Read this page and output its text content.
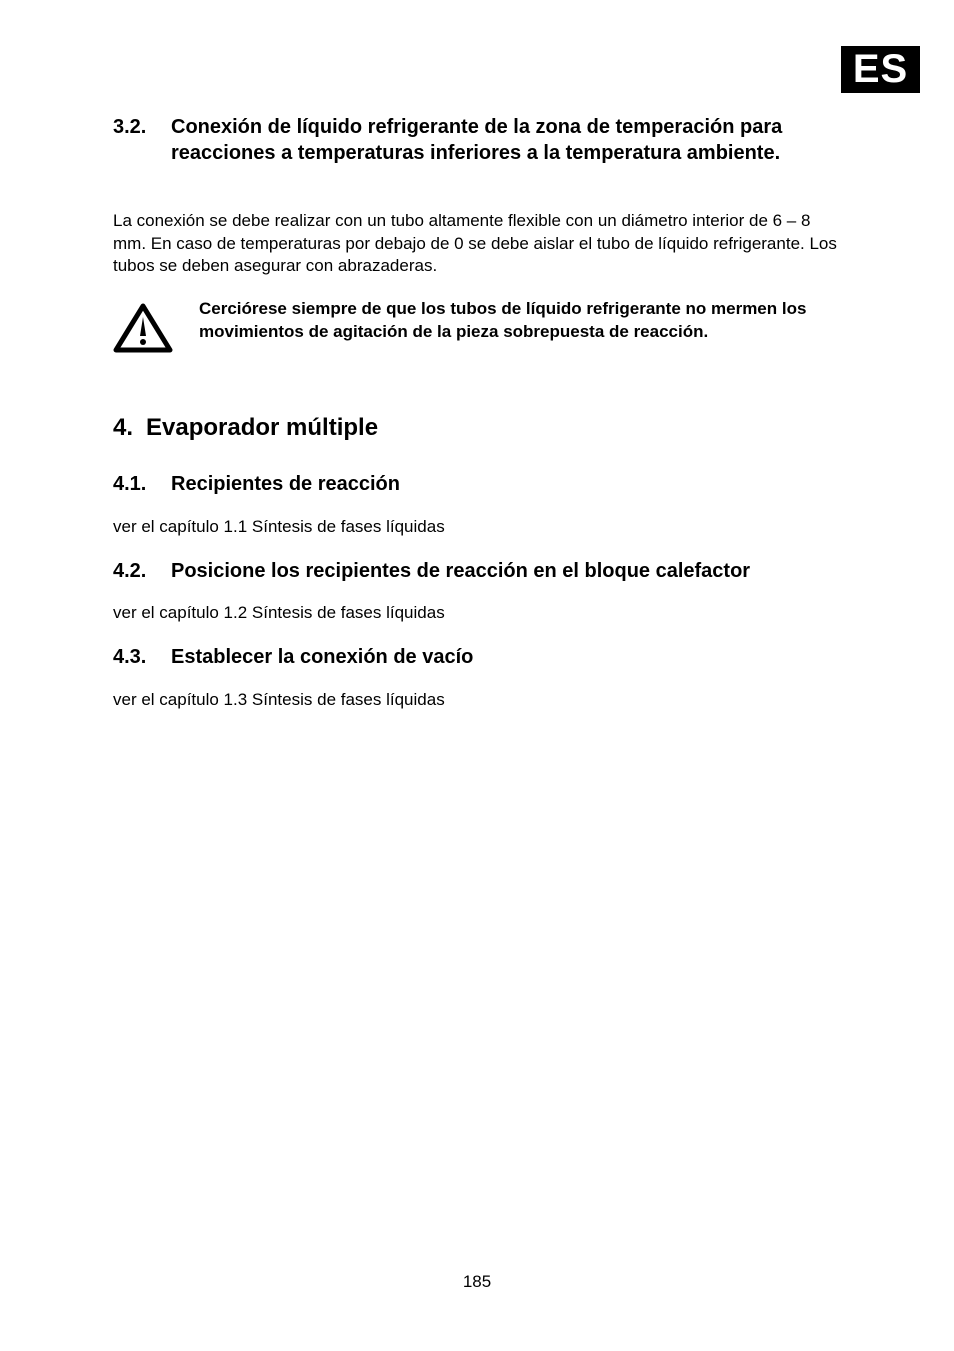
ES
3.2.	Conexión de líquido refrigerante de la zona de temperación para reacciones a temperaturas inferiores a la temperatura ambiente.
La conexión se debe realizar con un tubo altamente flexible con un diámetro interior de 6 – 8 mm. En caso de temperaturas por debajo de 0 se debe aislar el tubo de líquido refrigerante. Los tubos se deben asegurar con abrazaderas.
Cerciórese siempre de que los tubos de líquido refrigerante no mermen los movimientos de agitación de la pieza sobrepuesta de reacción.
4. Evaporador múltiple
4.1.	Recipientes de reacción
ver el capítulo 1.1 Síntesis de fases líquidas
4.2.	Posicione los recipientes de reacción en el bloque calefactor
ver el capítulo 1.2 Síntesis de fases líquidas
4.3.	Establecer la conexión de vacío
ver el capítulo 1.3 Síntesis de fases líquidas
185
